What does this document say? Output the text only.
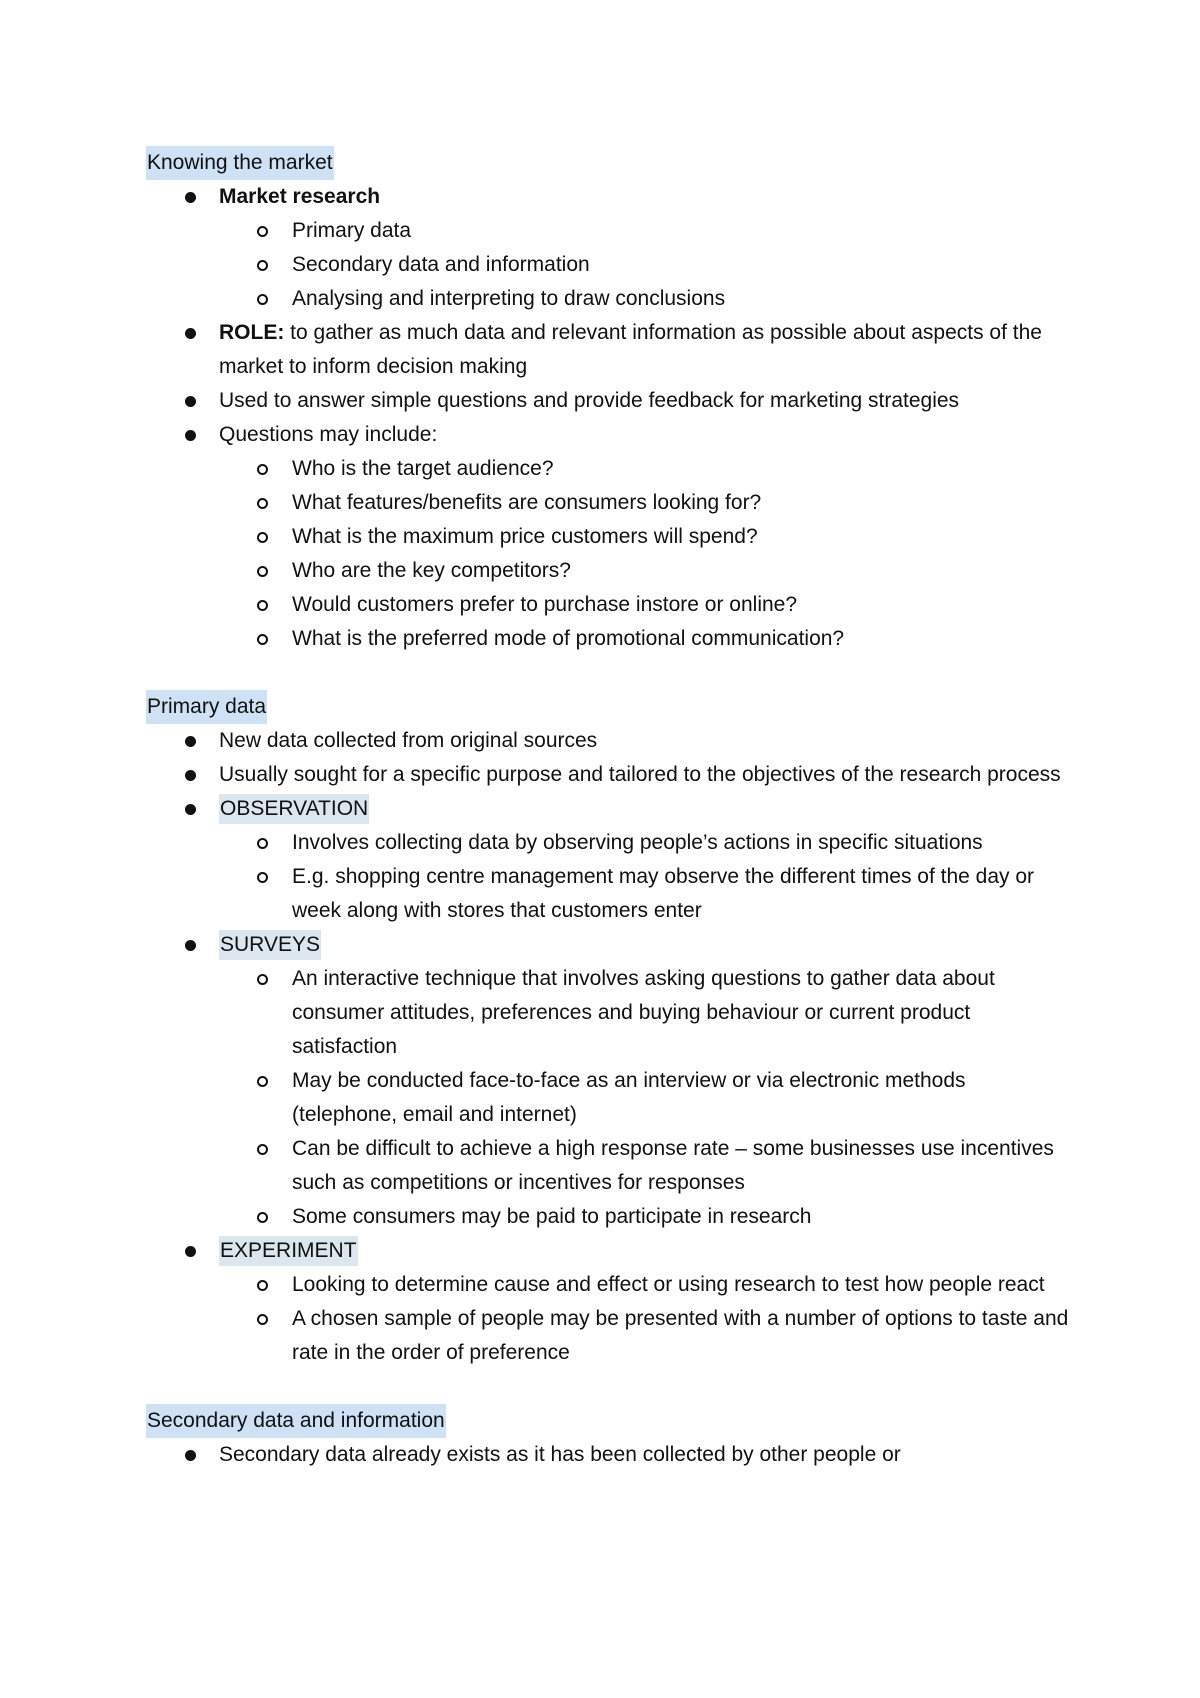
Knowing the market
Market research
Primary data
Secondary data and information
Analysing and interpreting to draw conclusions
ROLE: to gather as much data and relevant information as possible about aspects of the market to inform decision making
Used to answer simple questions and provide feedback for marketing strategies
Questions may include:
Who is the target audience?
What features/benefits are consumers looking for?
What is the maximum price customers will spend?
Who are the key competitors?
Would customers prefer to purchase instore or online?
What is the preferred mode of promotional communication?
Primary data
New data collected from original sources
Usually sought for a specific purpose and tailored to the objectives of the research process
OBSERVATION
Involves collecting data by observing people’s actions in specific situations
E.g. shopping centre management may observe the different times of the day or week along with stores that customers enter
SURVEYS
An interactive technique that involves asking questions to gather data about consumer attitudes, preferences and buying behaviour or current product satisfaction
May be conducted face-to-face as an interview or via electronic methods (telephone, email and internet)
Can be difficult to achieve a high response rate – some businesses use incentives such as competitions or incentives for responses
Some consumers may be paid to participate in research
EXPERIMENT
Looking to determine cause and effect or using research to test how people react
A chosen sample of people may be presented with a number of options to taste and rate in the order of preference
Secondary data and information
Secondary data already exists as it has been collected by other people or
